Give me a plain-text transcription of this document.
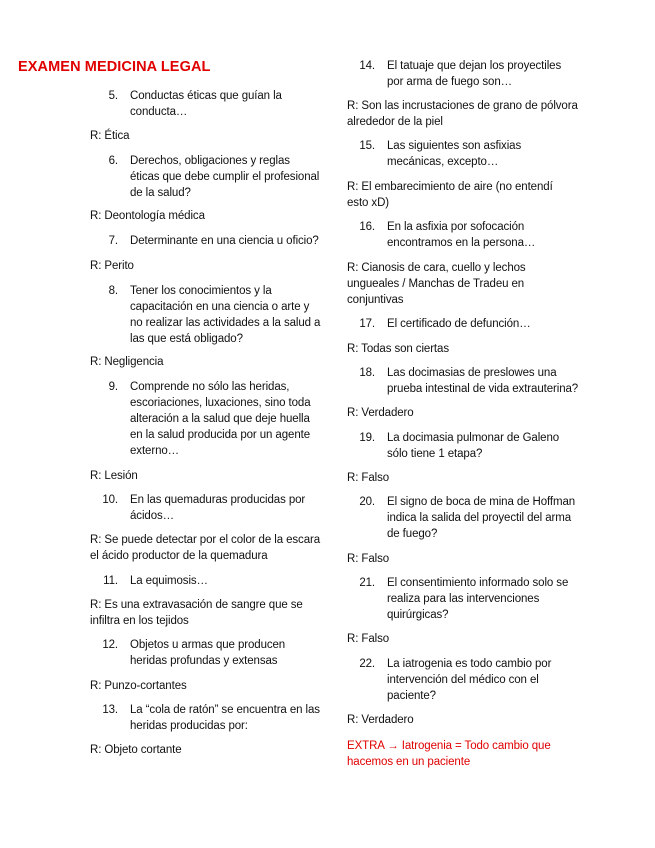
EXAMEN MEDICINA LEGAL
5. Conductas éticas que guían la
conducta…
R: Ética
6. Derechos, obligaciones y reglas
éticas que debe cumplir el profesional
de la salud?
R: Deontología médica
7. Determinante en una ciencia u oficio?
R: Perito
8. Tener los conocimientos y la
capacitación en una ciencia o arte y
no realizar las actividades a la salud a
las que está obligado?
R: Negligencia
9. Comprende no sólo las heridas,
escoriaciones, luxaciones, sino toda
alteración a la salud que deje huella
en la salud producida por un agente
externo…
R: Lesión
10. En las quemaduras producidas por
ácidos…
R: Se puede detectar por el color de la escara
el ácido productor de la quemadura
11. La equimosis…
R: Es una extravasación de sangre que se
infiltra en los tejidos
12. Objetos u armas que producen
heridas profundas y extensas
R: Punzo-cortantes
13. La “cola de ratón” se encuentra en las
heridas producidas por:
R: Objeto cortante
14. El tatuaje que dejan los proyectiles
por arma de fuego son…
R: Son las incrustaciones de grano de pólvora
alrededor de la piel
15. Las siguientes son asfixias
mecánicas, excepto…
R: El embarecimiento de aire (no entendí
esto xD)
16. En la asfixia por sofocación
encontramos en la persona…
R: Cianosis de cara, cuello y lechos
ungueales / Manchas de Tradeu en
conjuntivas
17. El certificado de defunción…
R: Todas son ciertas
18. Las docimasias de preslowes una
prueba intestinal de vida extrauterina?
R: Verdadero
19. La docimasia pulmonar de Galeno
sólo tiene 1 etapa?
R: Falso
20. El signo de boca de mina de Hoffman
indica la salida del proyectil del arma
de fuego?
R: Falso
21. El consentimiento informado solo se
realiza para las intervenciones
quirúrgicas?
R: Falso
22. La iatrogenia es todo cambio por
intervención del médico con el
paciente?
R: Verdadero
EXTRA → Iatrogenia = Todo cambio que
hacemos en un paciente
